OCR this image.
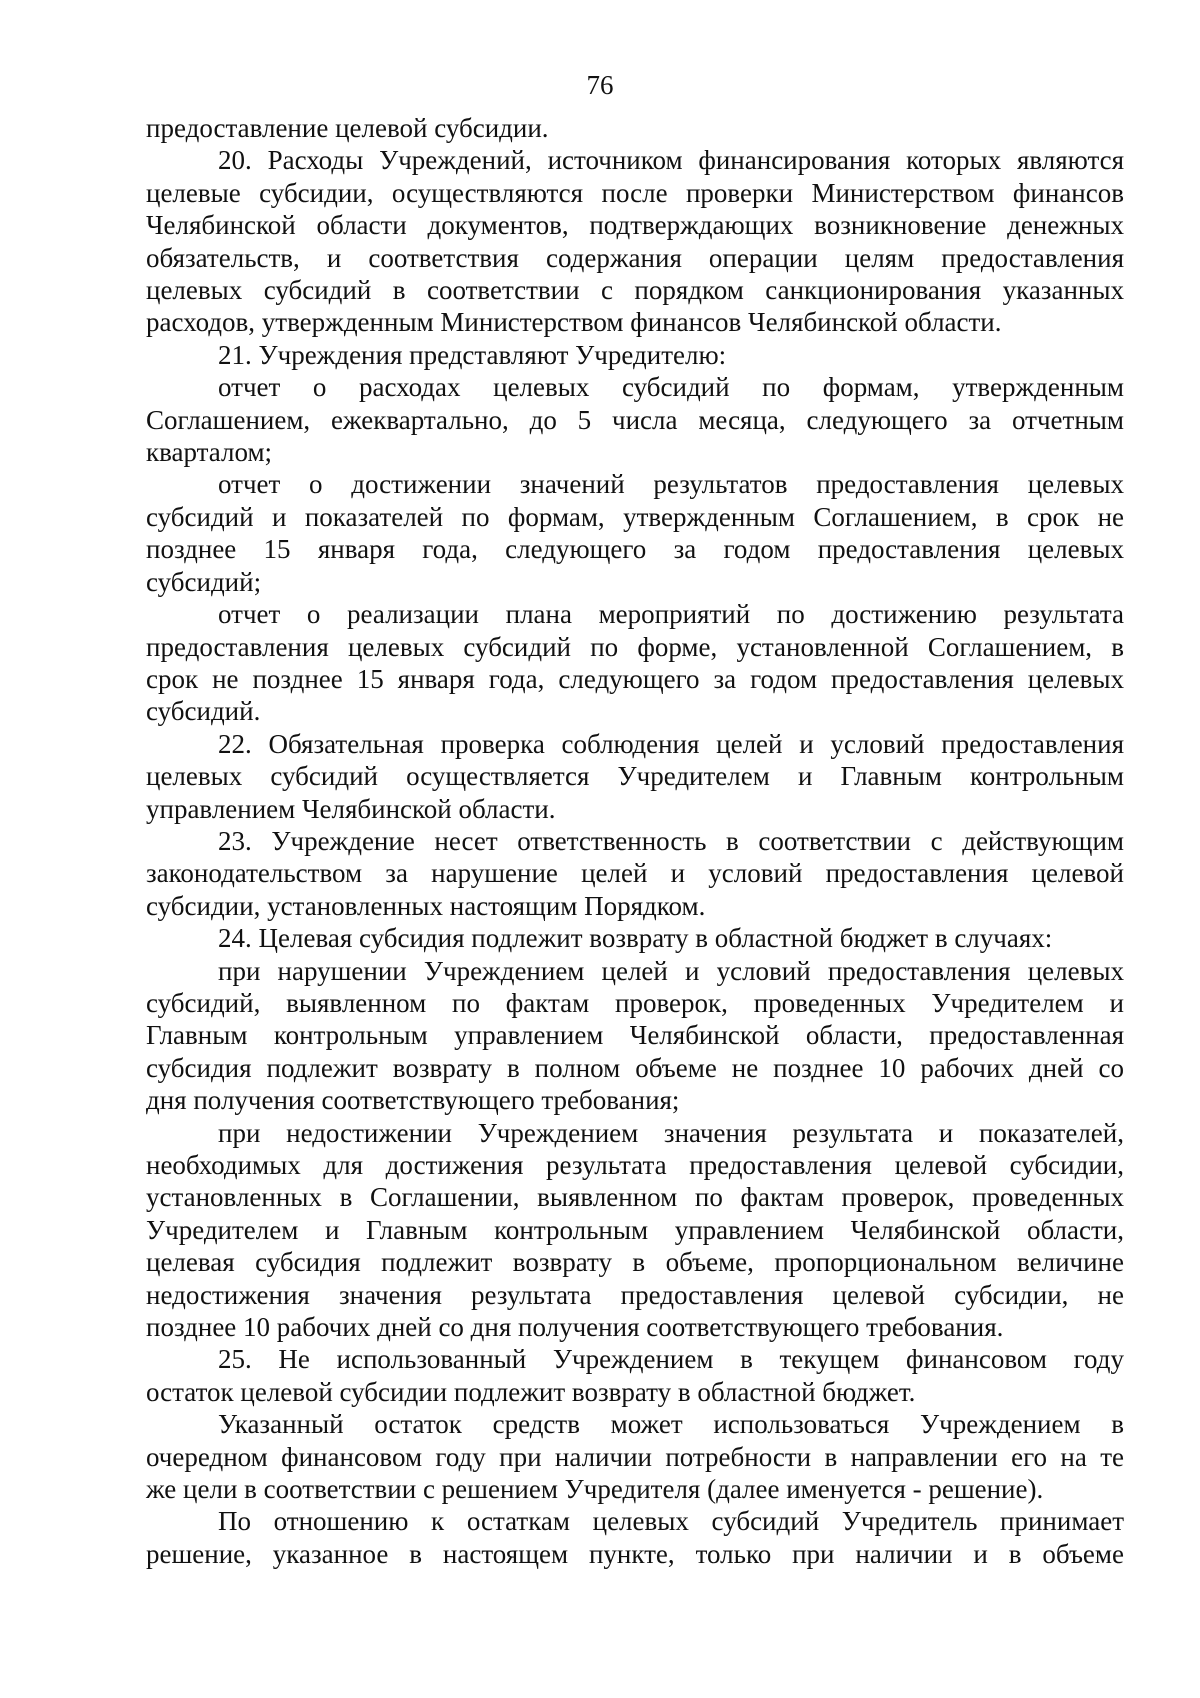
76

предоставление целевой субсидии.

20. Расходы Учреждений, источником финансирования которых являются

целевые субсидии, осуществляются после проверки Министерством финансов

Челябинской области документов, подтверждающих возникновение денежных

обязательств, и соответствия содержания операции целям предоставления

целевых субсидий в соответствии с порядком санкционирования указанных

расходов, утвержденным Министерством финансов Челябинской области.

21. Учреждения представляют Учредителю:

отчет о расходах целевых субсидий по формам, утвержденным

Соглашением, ежеквартально, до 5 числа месяца, следующего за отчетным

кварталом;

отчет о достижении значений результатов предоставления целевых

субсидий и показателей по формам, утвержденным Соглашением, в срок не

позднее 15 января года, следующего за годом предоставления целевых

субсидий;

отчет о реализации плана мероприятий по достижению результата

предоставления целевых субсидий по форме, установленной Соглашением, в

срок не позднее 15 января года, следующего за годом предоставления целевых

субсидий.

22. Обязательная проверка соблюдения целей и условий предоставления

целевых субсидий осуществляется Учредителем и Главным контрольным

управлением Челябинской области.

23. Учреждение несет ответственность в соответствии с действующим

законодательством за нарушение целей и условий предоставления целевой

субсидии, установленных настоящим Порядком.

24. Целевая субсидия подлежит возврату в областной бюджет в случаях:

при нарушении Учреждением целей и условий предоставления целевых

субсидий, выявленном по фактам проверок, проведенных Учредителем и

Главным контрольным управлением Челябинской области, предоставленная

субсидия подлежит возврату в полном объеме не позднее 10 рабочих дней со

дня получения соответствующего требования;

при недостижении Учреждением значения результата и показателей,

необходимых для достижения результата предоставления целевой субсидии,

установленных в Соглашении, выявленном по фактам проверок, проведенных

Учредителем и Главным контрольным управлением Челябинской области,

целевая субсидия подлежит возврату в объеме, пропорциональном величине

недостижения значения результата предоставления целевой субсидии, не

позднее 10 рабочих дней со дня получения соответствующего требования.

25. Не использованный Учреждением в текущем финансовом году

остаток целевой субсидии подлежит возврату в областной бюджет.

Указанный остаток средств может использоваться Учреждением в

очередном финансовом году при наличии потребности в направлении его на те

же цели в соответствии с решением Учредителя (далее именуется - решение).

По отношению к остаткам целевых субсидий Учредитель принимает

решение, указанное в настоящем пункте, только при наличии и в объеме
